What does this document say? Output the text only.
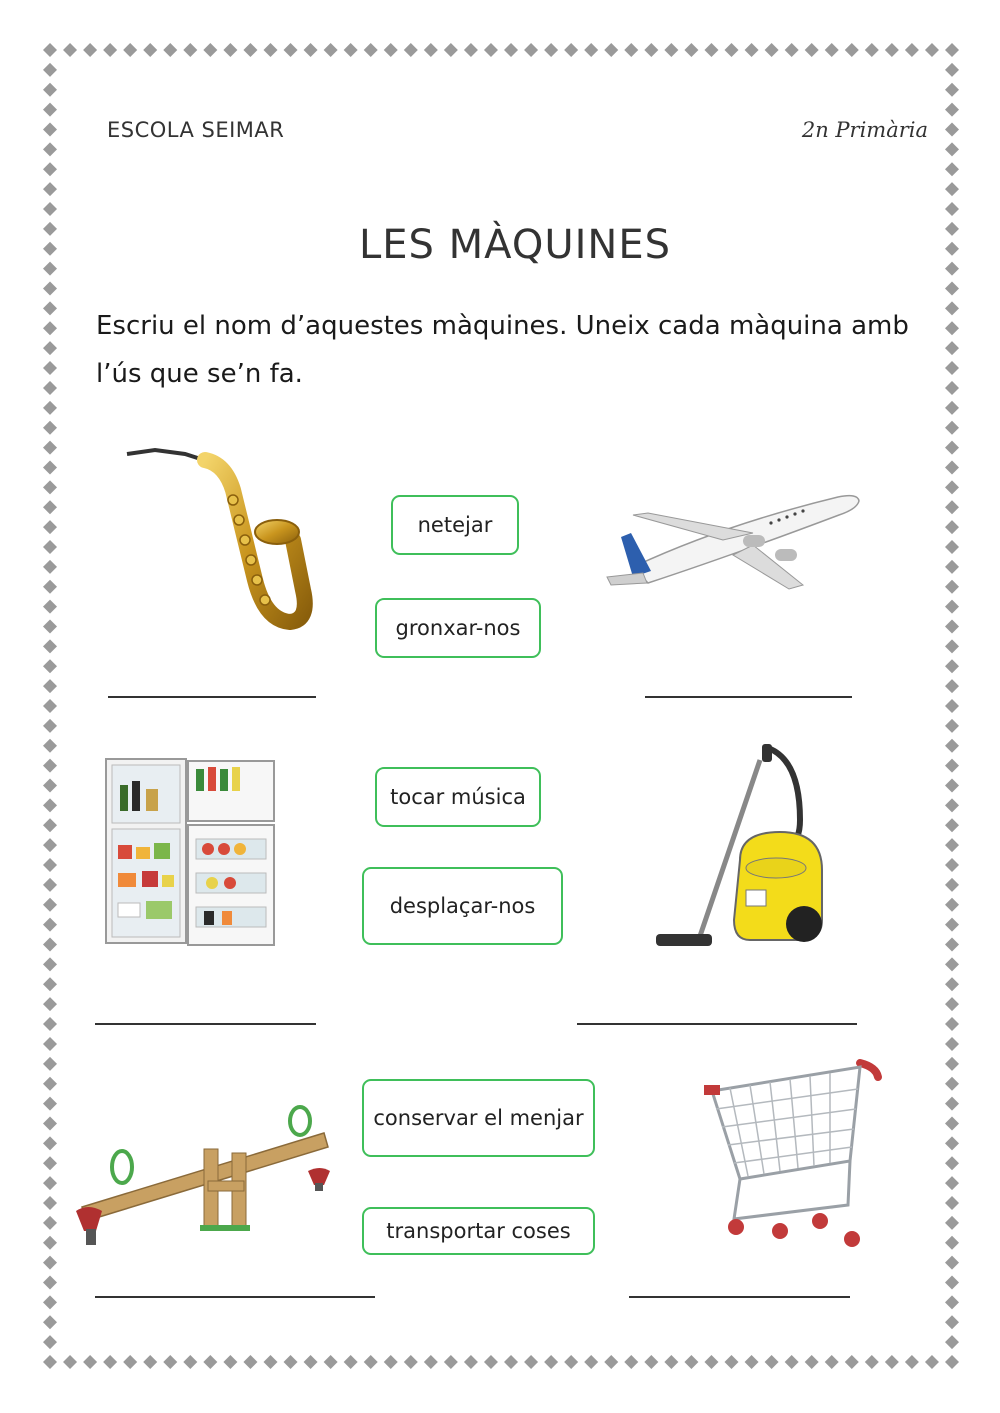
ESCOLA SEIMAR	2n Primària
LES MÀQUINES
Escriu el nom d’aquestes màquines. Uneix cada màquina amb l’ús que se’n fa.
netejar
gronxar-nos
tocar música
desplaçar-nos
conservar el menjar
transportar coses
